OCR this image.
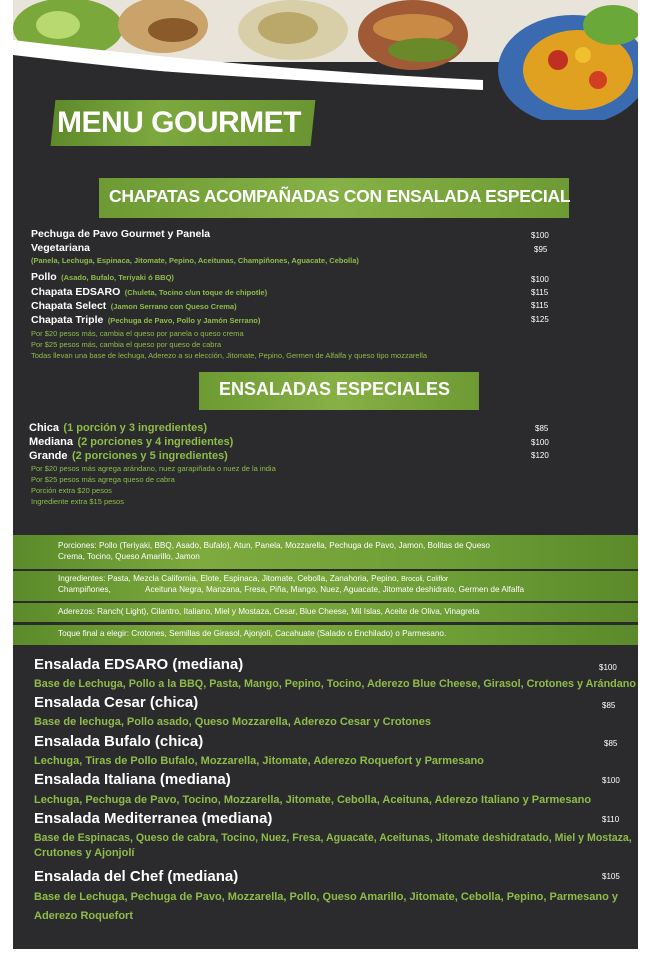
MENU GOURMET
CHAPATAS ACOMPAÑADAS CON ENSALADA ESPECIAL
Pechuga de Pavo Gourmet y Panela	$100
Vegetariana	$95
(Panela, Lechuga, Espinaca, Jitomate, Pepino, Aceitunas, Champiñones, Aguacate, Cebolla)
Pollo (Asado, Bufalo, Teriyaki ó BBQ)	$100
Chapata EDSARO (Chuleta, Tocino c/un toque de chipotle)	$115
Chapata Select (Jamon Serrano con Queso Crema)	$115
Chapata Triple (Pechuga de Pavo, Pollo y Jamón Serrano)	$125
Por $20 pesos más, cambia el queso por panela o queso crema
Por $25 pesos más, cambia el queso por queso de cabra
Todas llevan una base de lechuga, Aderezo a su elección, Jitomate, Pepino, Germen de Alfalfa y queso tipo mozzarella
ENSALADAS ESPECIALES
Chica (1 porción y 3 ingredientes)	$85
Mediana (2 porciones y 4 ingredientes)	$100
Grande (2 porciones y 5 ingredientes)	$120
Por $20 pesos más agrega arándano, nuez garapiñada o nuez de la india
Por $25 pesos más agrega queso de cabra
Porción extra $20 pesos
Ingrediente extra $15 pesos
Porciones: Pollo (Teriyaki, BBQ, Asado, Bufalo), Atun, Panela, Mozzarella, Pechuga de Pavo, Jamon, Bolitas de Queso
Crema, Tocino, Queso Amarillo, Jamon
Ingredientes: Pasta, Mezcla California, Elote, Espinaca, Jitomate, Cebolla, Zanahoria, Pepino, Brocoli, Coliflor
Champiñones,	Aceituna Negra, Manzana, Fresa, Piña, Mango, Nuez, Aguacate, Jitomate deshidrato, Germen de Alfalfa
Aderezos: Ranch( Light), Cilantro, Italiano, Miel y Mostaza, Cesar, Blue Cheese, Mil Islas, Aceite de Oliva, Vinagreta
Toque final a elegir: Crotones, Semillas de Girasol, Ajonjolí, Cacahuate (Salado o Enchilado) o Parmesano.
Ensalada EDSARO (mediana)	$100
Base de Lechuga, Pollo a la BBQ, Pasta, Mango, Pepino, Tocino, Aderezo Blue Cheese, Girasol, Crotones y Arándano
Ensalada Cesar (chica)	$85
Base de lechuga, Pollo asado, Queso Mozzarella, Aderezo Cesar y Crotones
Ensalada Bufalo (chica)	$85
Lechuga, Tiras de Pollo Bufalo, Mozzarella, Jitomate, Aderezo Roquefort y Parmesano
Ensalada Italiana (mediana)	$100
Lechuga, Pechuga de Pavo, Tocino, Mozzarella, Jitomate, Cebolla, Aceituna, Aderezo Italiano y Parmesano
Ensalada Mediterranea (mediana)	$110
Base de Espinacas, Queso de cabra, Tocino, Nuez, Fresa, Aguacate, Aceitunas, Jitomate deshidratado, Miel y Mostaza,
Crutones y Ajonjolí
Ensalada del Chef (mediana)	$105
Base de Lechuga, Pechuga de Pavo, Mozzarella, Pollo, Queso Amarillo, Jitomate, Cebolla, Pepino, Parmesano y
Aderezo Roquefort
